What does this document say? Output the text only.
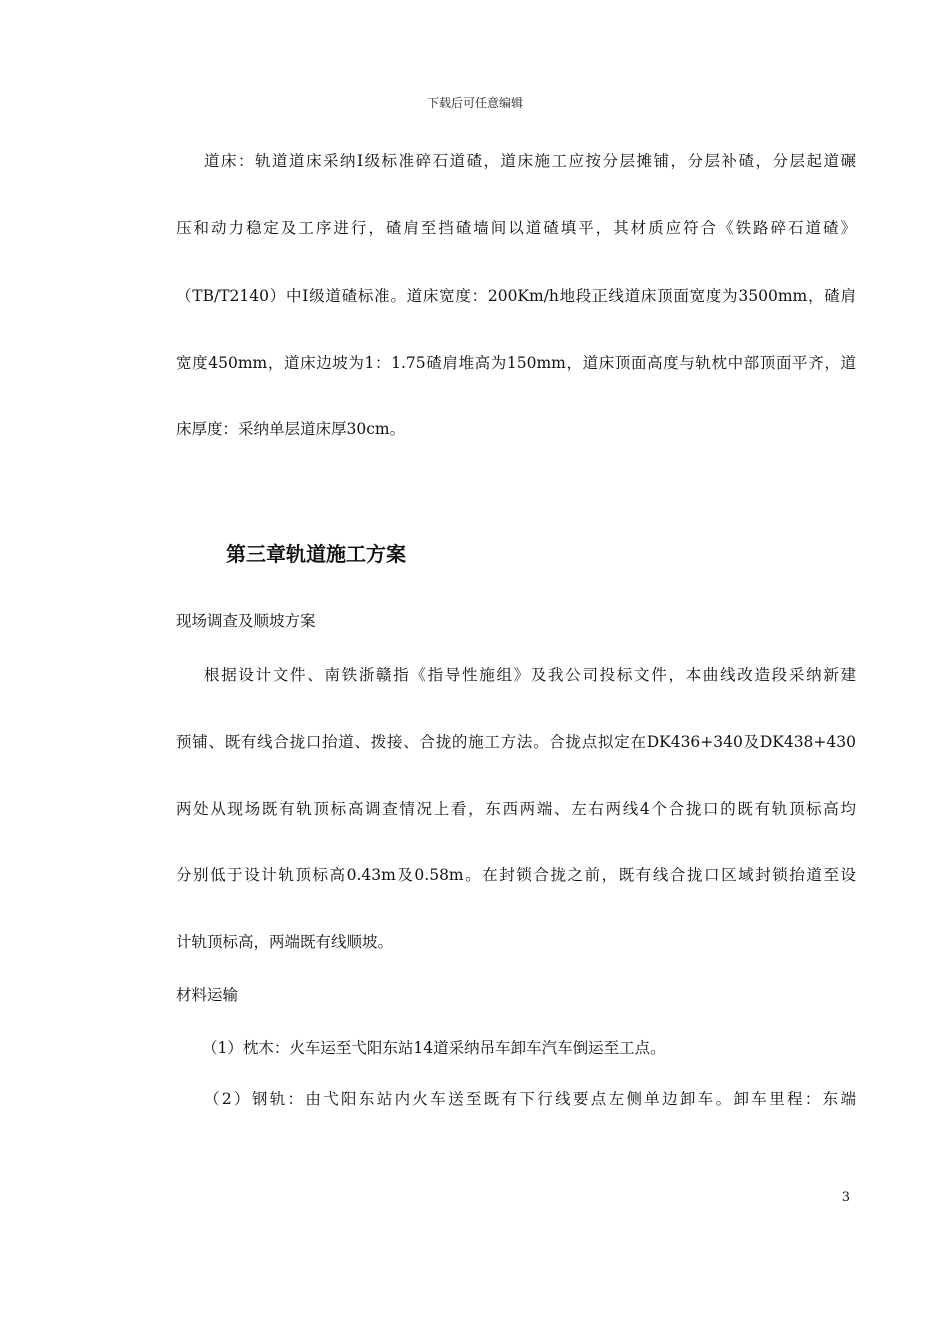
下载后可任意编辑
道床：轨道道床采纳Ⅰ级标准碎石道碴，道床施工应按分层摊铺，分层补碴，分层起道碾
压和动力稳定及工序进行，碴肩至挡碴墙间以道碴填平，其材质应符合《铁路碎石道碴》
（TB/T2140）中Ⅰ级道碴标准。道床宽度：200Km/h地段正线道床顶面宽度为3500mm，碴肩
宽度450mm，道床边坡为1：1.75碴肩堆高为150mm，道床顶面高度与轨枕中部顶面平齐，道
床厚度：采纳单层道床厚30cm。
第三章轨道施工方案
现场调查及顺坡方案
根据设计文件、南铁浙赣指《指导性施组》及我公司投标文件，本曲线改造段采纳新建
预铺、既有线合拢口抬道、拨接、合拢的施工方法。合拢点拟定在DK436+340及DK438+430
两处从现场既有轨顶标高调查情况上看，东西两端、左右两线4个合拢口的既有轨顶标高均
分别低于设计轨顶标高0.43m及0.58m。在封锁合拢之前，既有线合拢口区域封锁抬道至设
计轨顶标高，两端既有线顺坡。
材料运输
（1）枕木：火车运至弋阳东站14道采纳吊车卸车汽车倒运至工点。
（2）钢轨：由弋阳东站内火车送至既有下行线要点左侧单边卸车。卸车里程：东端
3
